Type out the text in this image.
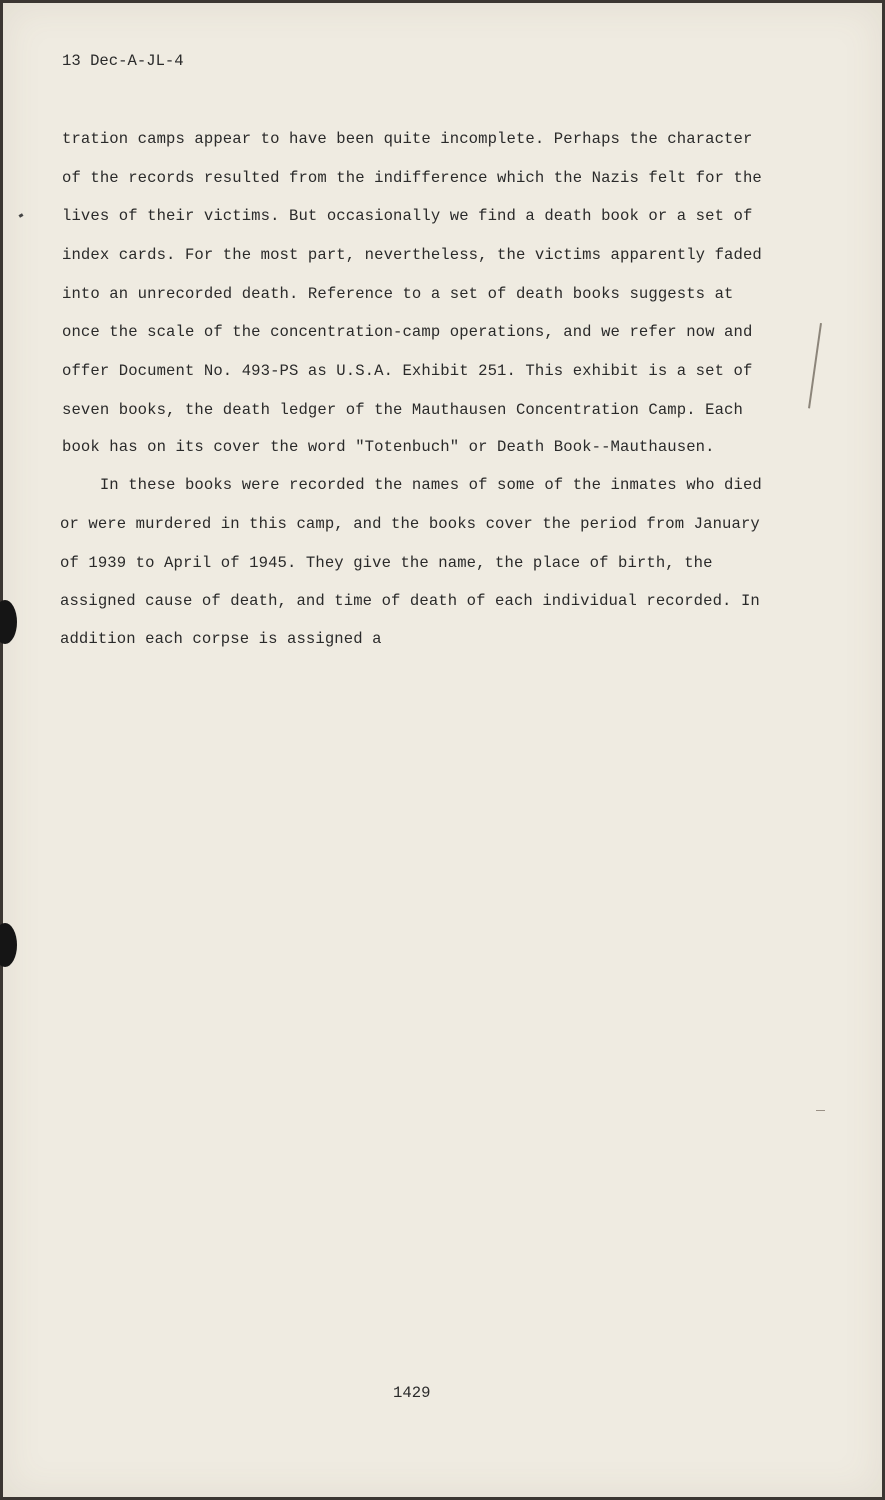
13 Dec-A-JL-4
tration camps appear to have been quite incomplete. Perhaps the character
of the records resulted from the indifference which the Nazis felt for the
lives of their victims. But occasionally we find a death book or a set of
index cards. For the most part, nevertheless, the victims apparently faded
into an unrecorded death. Reference to a set of death books suggests at
once the scale of the concentration-camp operations, and we refer now and
offer Document No. 493-PS as U.S.A. Exhibit 251. This exhibit is a set of
seven books, the death ledger of the Mauthausen Concentration Camp. Each
book has on its cover the word "Totenbuch" or Death Book--Mauthausen.
In these books were recorded the names of some of the inmates who died
or were murdered in this camp, and the books cover the period from January
of 1939 to April of 1945. They give the name, the place of birth, the
assigned cause of death, and time of death of each individual recorded. In
addition each corpse is assigned a
1429
